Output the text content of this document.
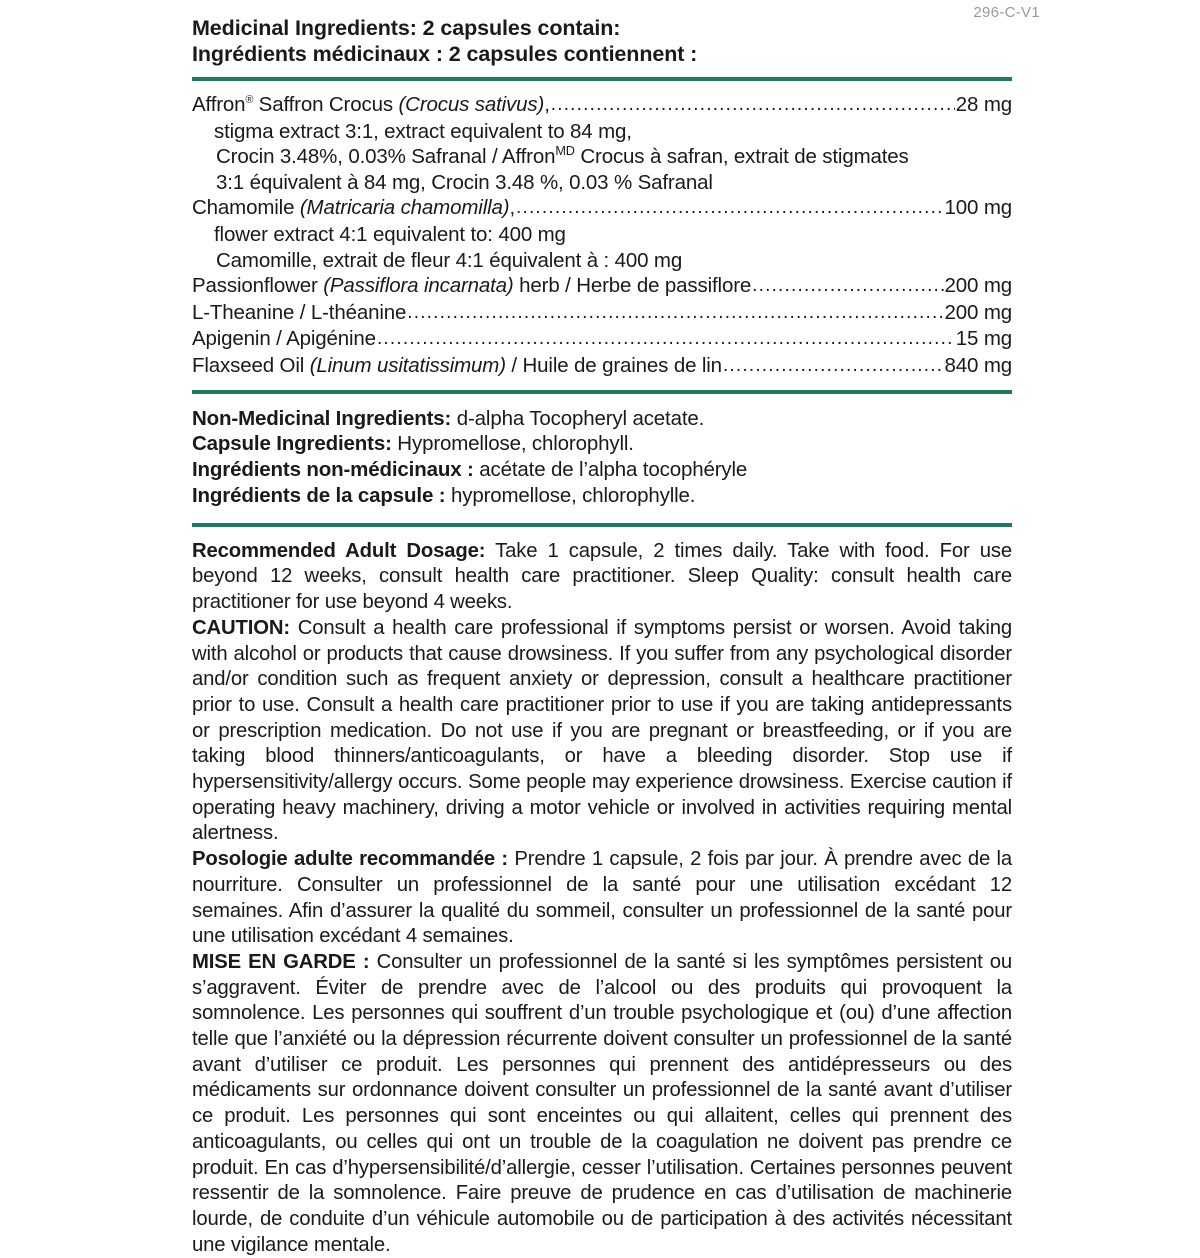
296-C-V1
Medicinal Ingredients: 2 capsules contain:
Ingrédients médicinaux : 2 capsules contiennent :
Affron® Saffron Crocus (Crocus sativus), .....	28 mg
stigma extract 3:1, extract equivalent to 84 mg,
Crocin 3.48%, 0.03% Safranal / Affron$^{MD}$ Crocus à safran, extrait de stigmates
3:1 équivalent à 84 mg, Crocin 3.48 %, 0.03 % Safranal
Chamomile (Matricaria chamomilla), .....	100 mg
flower extract 4:1 equivalent to: 400 mg
Camomille, extrait de fleur 4:1 équivalent à : 400 mg
Passionflower (Passiflora incarnata) herb / Herbe de passiflore .....	200 mg
L-Theanine / L-théanine .....	200 mg
Apigenin / Apigénine .....	15 mg
Flaxseed Oil (Linum usitatissimum) / Huile de graines de lin .....	840 mg
Non-Medicinal Ingredients: d-alpha Tocopheryl acetate.
Capsule Ingredients: Hypromellose, chlorophyll.
Ingrédients non-médicinaux : acétate de l’alpha tocophéryle
Ingrédients de la capsule : hypromellose, chlorophylle.

Recommended Adult Dosage: Take 1 capsule, 2 times daily. Take with food. For use beyond 12 weeks, consult health care practitioner. Sleep Quality: consult health care practitioner for use beyond 4 weeks.

CAUTION: Consult a health care professional if symptoms persist or worsen. Avoid taking with alcohol or products that cause drowsiness. If you suffer from any psychological disorder and/or condition such as frequent anxiety or depression, consult a healthcare practitioner prior to use. Consult a health care practitioner prior to use if you are taking antidepressants or prescription medication. Do not use if you are pregnant or breastfeeding, or if you are taking blood thinners/anticoagulants, or have a bleeding disorder. Stop use if hypersensitivity/allergy occurs. Some people may experience drowsiness. Exercise caution if operating heavy machinery, driving a motor vehicle or involved in activities requiring mental alertness.

Posologie adulte recommandée : Prendre 1 capsule, 2 fois par jour. À prendre avec de la nourriture. Consulter un professionnel de la santé pour une utilisation excédant 12 semaines. Afin d’assurer la qualité du sommeil, consulter un professionnel de la santé pour une utilisation excédant 4 semaines.

MISE EN GARDE : Consulter un professionnel de la santé si les symptômes persistent ou s’aggravent. Éviter de prendre avec de l’alcool ou des produits qui provoquent la somnolence. Les personnes qui souffrent d’un trouble psychologique et (ou) d’une affection telle que l’anxiété ou la dépression récurrente doivent consulter un professionnel de la santé avant d’utiliser ce produit. Les personnes qui prennent des antidépresseurs ou des médicaments sur ordonnance doivent consulter un professionnel de la santé avant d’utiliser ce produit. Les personnes qui sont enceintes ou qui allaitent, celles qui prennent des anticoagulants, ou celles qui ont un trouble de la coagulation ne doivent pas prendre ce produit. En cas d’hypersensibilité/d’allergie, cesser l’utilisation. Certaines personnes peuvent ressentir de la somnolence. Faire preuve de prudence en cas d’utilisation de machinerie lourde, de conduite d’un véhicule automobile ou de participation à des activités nécessitant une vigilance mentale.
